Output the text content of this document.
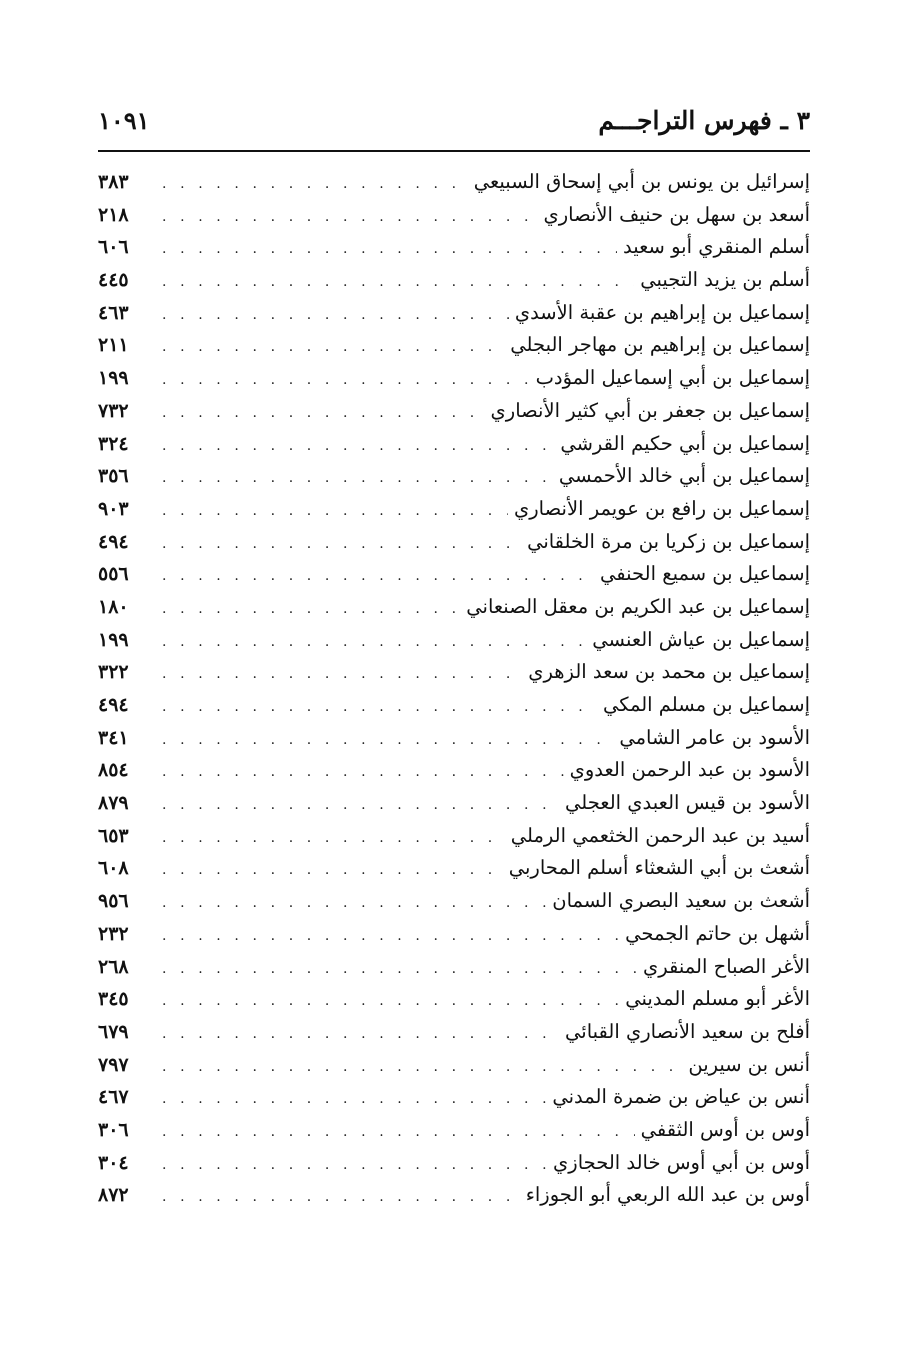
٣ ـ فهرس التراجـــم
١٠٩١
إسرائيل بن يونس بن أبي إسحاق السبيعي
. . .
٣٨٣
أسعد بن سهل بن حنيف الأنصاري
. . .
٢١٨
أسلم المنقري أبو سعيد
. . .
٦٠٦
أسلم بن يزيد التجيبي
. . .
٤٤٥
إسماعيل بن إبراهيم بن عقبة الأسدي
. . .
٤٦٣
إسماعيل بن إبراهيم بن مهاجر البجلي
. . .
٢١١
إسماعيل بن أبي إسماعيل المؤدب
. . .
١٩٩
إسماعيل بن جعفر بن أبي كثير الأنصاري
. . .
٧٣٢
إسماعيل بن أبي حكيم القرشي
. . .
٣٢٤
إسماعيل بن أبي خالد الأحمسي
. . .
٣٥٦
إسماعيل بن رافع بن عويمر الأنصاري
. . .
٩٠٣
إسماعيل بن زكريا بن مرة الخلقاني
. . .
٤٩٤
إسماعيل بن سميع الحنفي
. . .
٥٥٦
إسماعيل بن عبد الكريم بن معقل الصنعاني
. . .
١٨٠
إسماعيل بن عياش العنسي
. . .
١٩٩
إسماعيل بن محمد بن سعد الزهري
. . .
٣٢٢
إسماعيل بن مسلم المكي
. . .
٤٩٤
الأسود بن عامر الشامي
. . .
٣٤١
الأسود بن عبد الرحمن العدوي
. . .
٨٥٤
الأسود بن قيس العبدي العجلي
. . .
٨٧٩
أسيد بن عبد الرحمن الخثعمي الرملي
. . .
٦٥٣
أشعث بن أبي الشعثاء أسلم المحاربي
. . .
٦٠٨
أشعث بن سعيد البصري السمان
. . .
٩٥٦
أشهل بن حاتم الجمحي
. . .
٢٣٢
الأغر الصباح المنقري
. . .
٢٦٨
الأغر أبو مسلم المديني
. . .
٣٤٥
أفلح بن سعيد الأنصاري القبائي
. . .
٦٧٩
أنس بن سيرين
. . .
٧٩٧
أنس بن عياض بن ضمرة المدني
. . .
٤٦٧
أوس بن أوس الثقفي
. . .
٣٠٦
أوس بن أبي أوس خالد الحجازي
. . .
٣٠٤
أوس بن عبد الله الربعي أبو الجوزاء
. . .
٨٧٢
